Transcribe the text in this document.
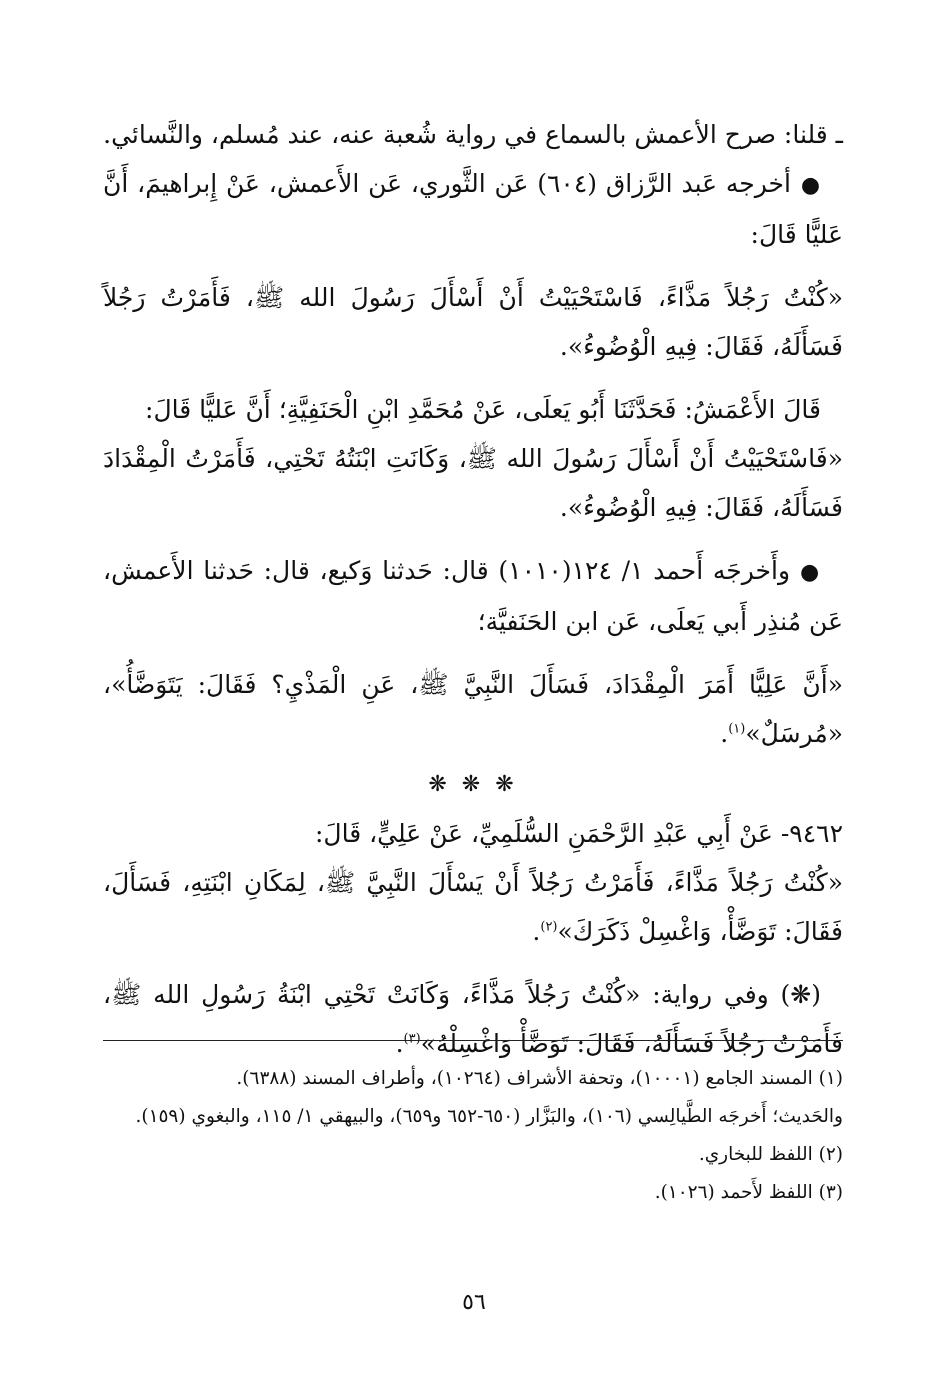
ـ قلنا: صرح الأعمش بالسماع في رواية شُعبة عنه، عند مُسلم، والنَّسائي.

●أخرجه عَبد الرَّزاق (٦٠٤) عَن الثَّوري، عَن الأَعمش، عَنْ إِبراهيمَ، أَنَّ عَليًّا قَالَ:

«كُنْتُ رَجُلاً مَذَّاءً، فَاسْتَحْيَيْتُ أَنْ أَسْأَلَ رَسُولَ الله ﷺ، فَأَمَرْتُ رَجُلاً فَسَأَلَهُ، فَقَالَ: فِيهِ الْوُضُوءُ».

قَالَ الأَعْمَشُ: فَحَدَّثَنَا أَبُو يَعلَى، عَنْ مُحَمَّدِ ابْنِ الْحَنَفِيَّةِ؛ أَنَّ عَليًّا قَالَ:

«فَاسْتَحْيَيْتُ أَنْ أَسْأَلَ رَسُولَ الله ﷺ، وَكَانَتِ ابْنَتُهُ تَحْتِي، فَأَمَرْتُ الْمِقْدَادَ فَسَأَلَهُ، فَقَالَ: فِيهِ الْوُضُوءُ».

●وأَخرجَه أَحمد ١/ ١٢٤(١٠١٠) قال: حَدثنا وَكيع، قال: حَدثنا الأَعمش، عَن مُنذِر أَبي يَعلَى، عَن ابن الحَنَفيَّة؛

«أَنَّ عَلِيًّا أَمَرَ الْمِقْدَادَ، فَسَأَلَ النَّبِيَّ ﷺ، عَنِ الْمَذْيِ؟ فَقَالَ: يَتَوَضَّأُ»، «مُرسَلٌ»$^{(١)}$.

❋ ❋ ❋

٩٤٦٢- عَنْ أَبِي عَبْدِ الرَّحْمَنِ السُّلَمِيِّ، عَنْ عَلِيٍّ، قَالَ:

«كُنْتُ رَجُلاً مَذَّاءً، فَأَمَرْتُ رَجُلاً أَنْ يَسْأَلَ النَّبِيَّ ﷺ، لِمَكَانِ ابْنَتِهِ، فَسَأَلَ، فَقَالَ: تَوَضَّأْ، وَاغْسِلْ ذَكَرَكَ»$^{(٢)}$.

(❋) وفي رواية: «كُنْتُ رَجُلاً مَذَّاءً، وَكَانَتْ تَحْتِي ابْنَةُ رَسُولِ الله ﷺ، فَأَمَرْتُ رَجُلاً فَسَأَلَهُ، فَقَالَ: تَوَضَّأْ وَاغْسِلْهُ»$^{(٣)}$.

(١) المسند الجامع (١٠٠٠١)، وتحفة الأشراف (١٠٢٦٤)، وأطراف المسند (٦٣٨٨).

والحَديث؛ أَخرجَه الطَّيالِسي (١٠٦)، والبَزَّار (٦٥٠-٦٥٢ و٦٥٩)، والبيهقي ١/ ١١٥، والبغوي (١٥٩).

(٢) اللفظ للبخاري.

(٣) اللفظ لأَحمد (١٠٢٦).

٥٦
